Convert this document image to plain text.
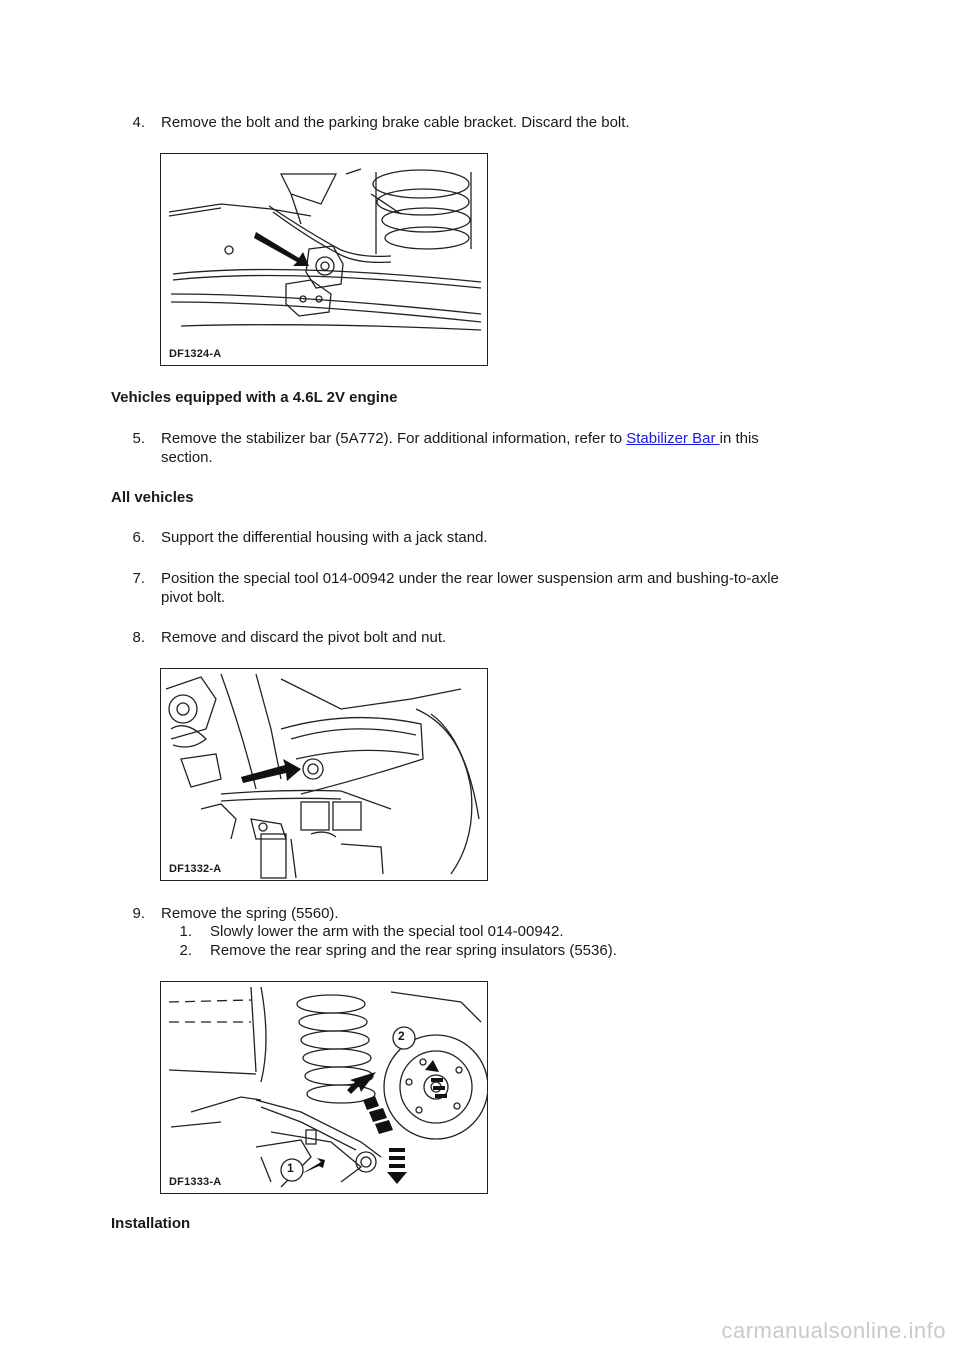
4. Remove the bolt and the parking brake cable bracket. Discard the bolt.
DF1324-A
Vehicles equipped with a 4.6L 2V engine
5. Remove the stabilizer bar (5A772). For additional information, refer to Stabilizer Bar in this
section.
All vehicles
6. Support the differential housing with a jack stand.
7. Position the special tool 014-00942 under the rear lower suspension arm and bushing-to-axle
pivot bolt.
8. Remove and discard the pivot bolt and nut.
DF1332-A
9. Remove the spring (5560).
1. Slowly lower the arm with the special tool 014-00942.
2. Remove the rear spring and the rear spring insulators (5536).
2
1
DF1333-A
Installation
carmanualsonline.info
